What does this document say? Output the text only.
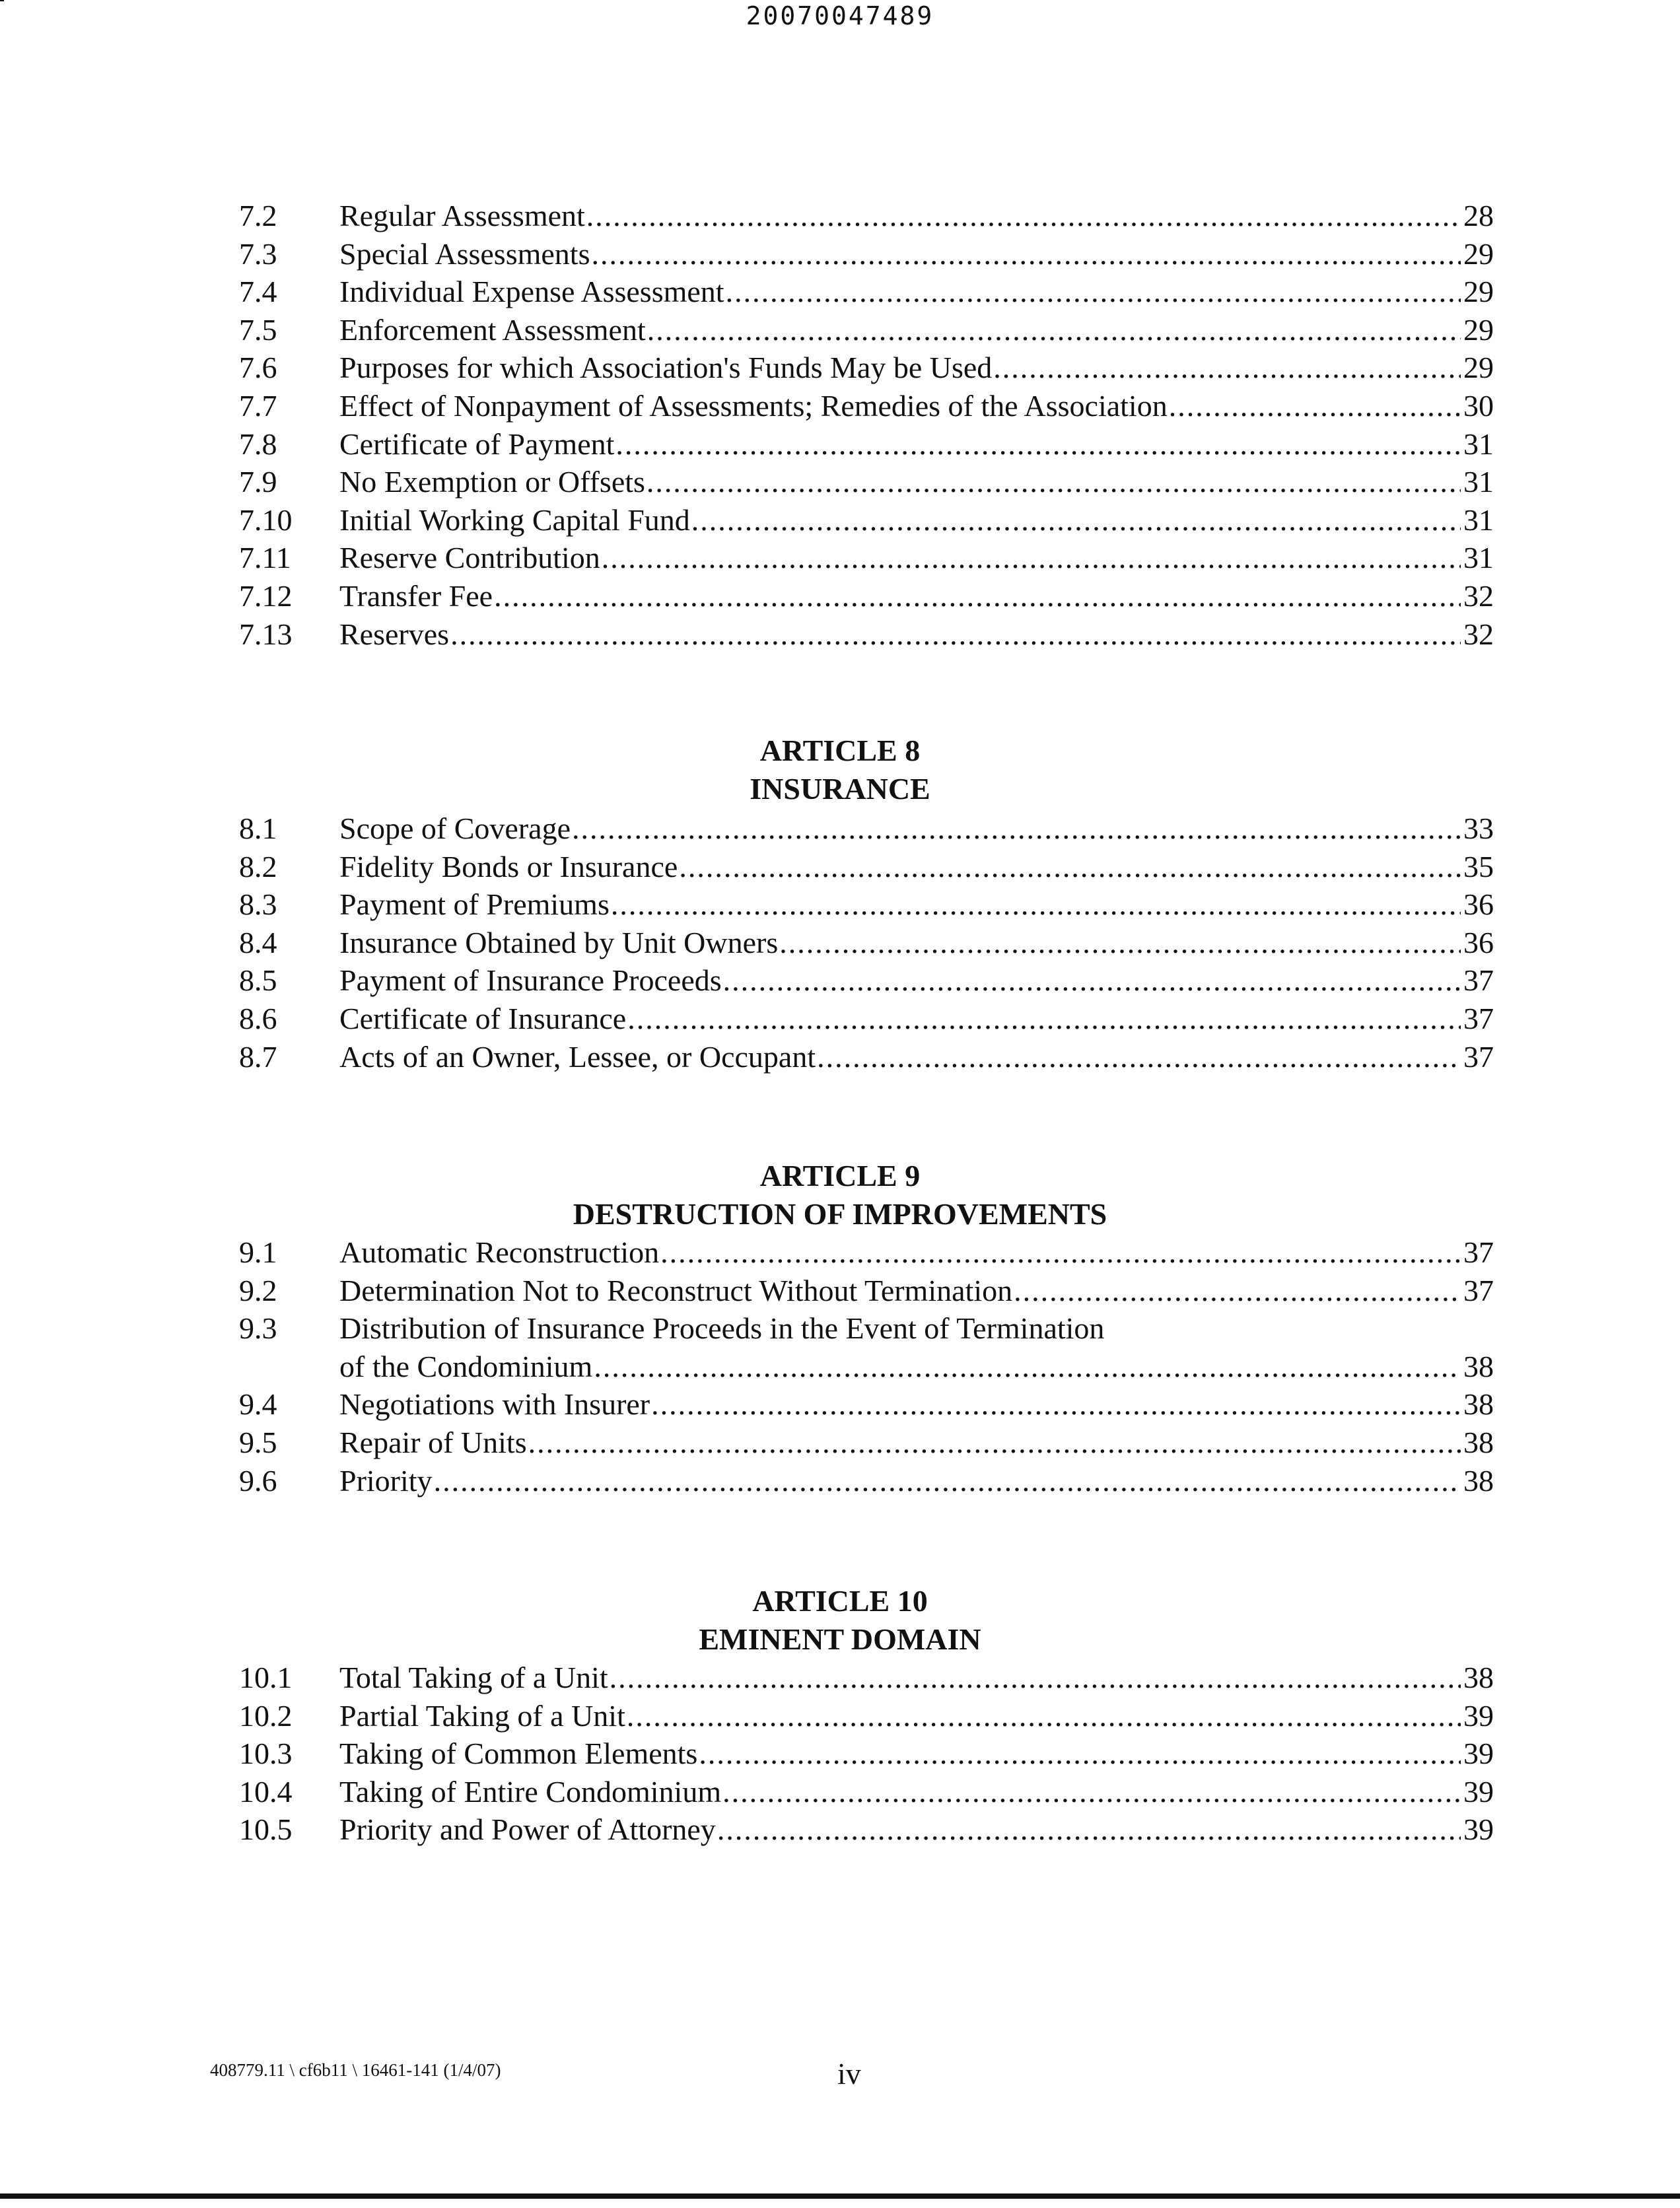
20070047489
7.2 Regular Assessment .....	28
7.3 Special Assessments .....	29
7.4 Individual Expense Assessment .....	29
7.5 Enforcement Assessment .....	29
7.6 Purposes for which Association's Funds May be Used .....	29
7.7 Effect of Nonpayment of Assessments; Remedies of the Association .....	30
7.8 Certificate of Payment .....	31
7.9 No Exemption or Offsets .....	31
7.10 Initial Working Capital Fund .....	31
7.11 Reserve Contribution .....	31
7.12 Transfer Fee .....	32
7.13 Reserves .....	32
ARTICLE 8
INSURANCE
8.1 Scope of Coverage .....	33
8.2 Fidelity Bonds or Insurance .....	35
8.3 Payment of Premiums .....	36
8.4 Insurance Obtained by Unit Owners .....	36
8.5 Payment of Insurance Proceeds .....	37
8.6 Certificate of Insurance .....	37
8.7 Acts of an Owner, Lessee, or Occupant .....	37
ARTICLE 9
DESTRUCTION OF IMPROVEMENTS
9.1 Automatic Reconstruction .....	37
9.2 Determination Not to Reconstruct Without Termination .....	37
9.3 Distribution of Insurance Proceeds in the Event of Termination
of the Condominium .....	38
9.4 Negotiations with Insurer .....	38
9.5 Repair of Units .....	38
9.6 Priority .....	38
ARTICLE 10
EMINENT DOMAIN
10.1 Total Taking of a Unit .....	38
10.2 Partial Taking of a Unit .....	39
10.3 Taking of Common Elements .....	39
10.4 Taking of Entire Condominium .....	39
10.5 Priority and Power of Attorney .....	39
408779.11 \ cf6b11 \ 16461-141 (1/4/07)	iv
